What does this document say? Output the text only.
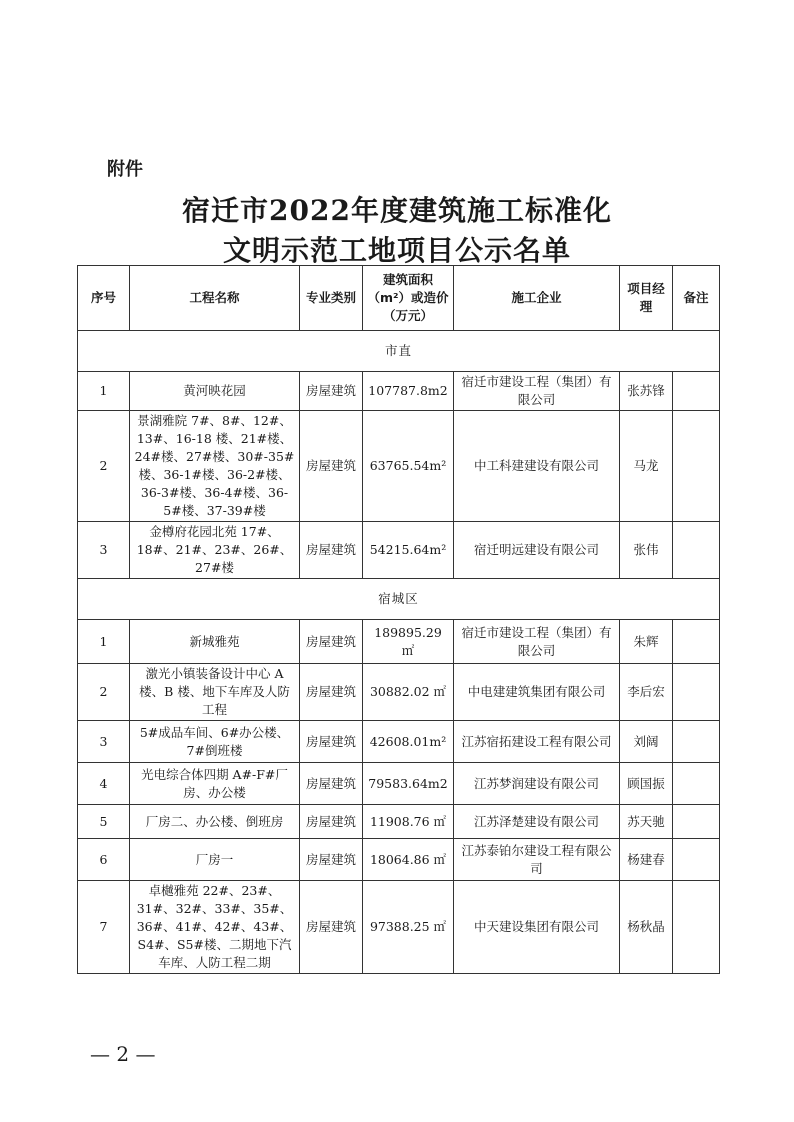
附件
宿迁市2022年度建筑施工标准化
文明示范工地项目公示名单
序号	工程名称	专业类别	建筑面积（m²）或造价（万元）	施工企业	项目经理	备注
市直						
1	黄河映花园	房屋建筑	107787.8m2	宿迁市建设工程（集团）有限公司	张苏锋	
2	景湖雅院 7#、8#、12#、13#、16-18 楼、21#楼、24#楼、27#楼、30#-35#楼、36-1#楼、36-2#楼、36-3#楼、36-4#楼、36-5#楼、37-39#楼	房屋建筑	63765.54m²	中工科建建设有限公司	马龙	
3	金樽府花园北苑 17#、18#、21#、23#、26#、27#楼	房屋建筑	54215.64m²	宿迁明远建设有限公司	张伟	
宿城区						
1	新城雅苑	房屋建筑	189895.29 ㎡	宿迁市建设工程（集团）有限公司	朱辉	
2	激光小镇装备设计中心 A 楼、B 楼、地下车库及人防工程	房屋建筑	30882.02 ㎡	中电建建筑集团有限公司	李后宏	
3	5#成品车间、6#办公楼、7#倒班楼	房屋建筑	42608.01m²	江苏宿拓建设工程有限公司	刘阔	
4	光电综合体四期 A#-F#厂房、办公楼	房屋建筑	79583.64m2	江苏梦润建设有限公司	顾国振	
5	厂房二、办公楼、倒班房	房屋建筑	11908.76 ㎡	江苏泽楚建设有限公司	苏天驰	
6	厂房一	房屋建筑	18064.86 ㎡	江苏泰铂尔建设工程有限公司	杨建春	
7	卓樾雅苑 22#、23#、31#、32#、33#、35#、36#、41#、42#、43#、S4#、S5#楼、二期地下汽车库、人防工程二期	房屋建筑	97388.25 ㎡	中天建设集团有限公司	杨秋晶	
— 2 —
